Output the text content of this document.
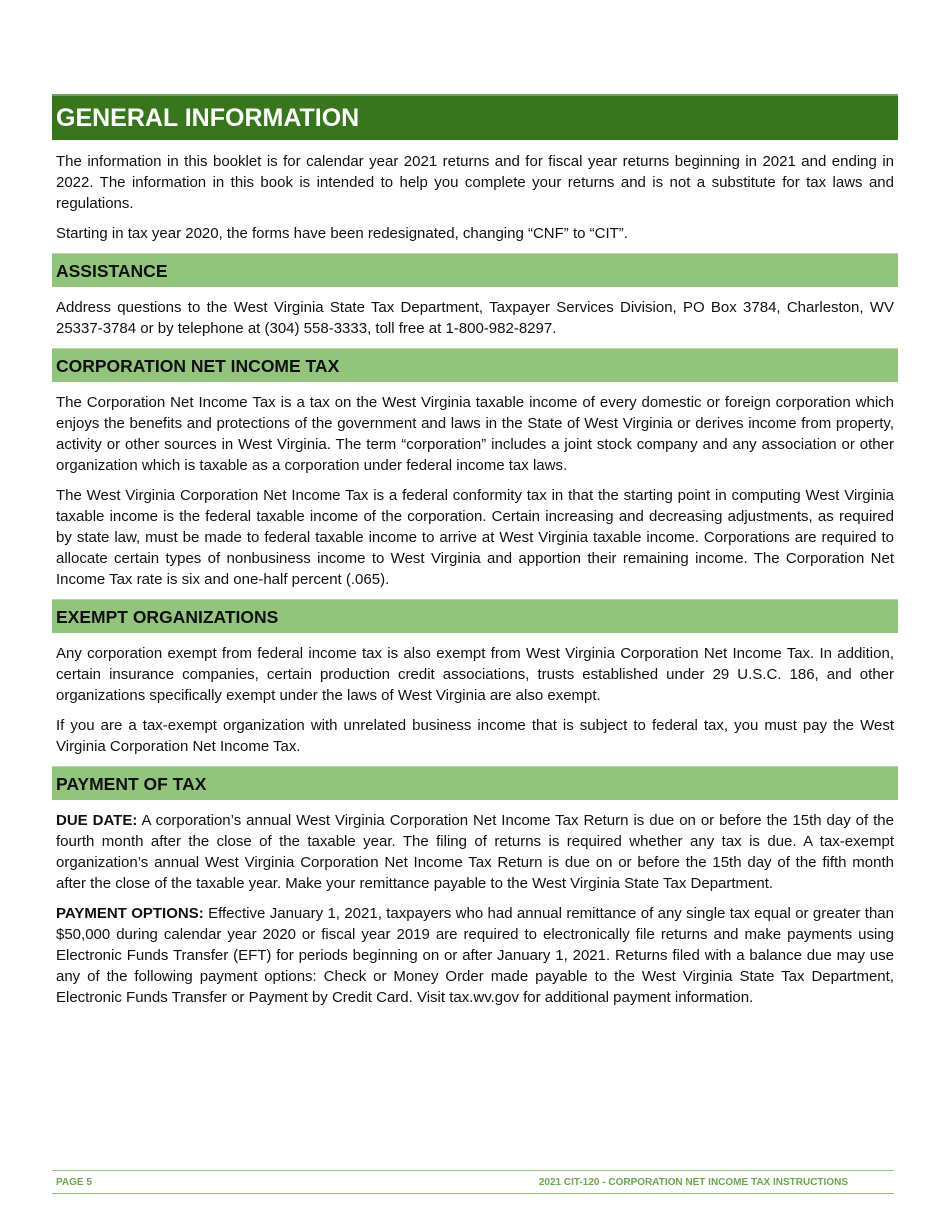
GENERAL INFORMATION

The information in this booklet is for calendar year 2021 returns and for fiscal year returns beginning in 2021 and ending in 2022. The information in this book is intended to help you complete your returns and is not a substitute for tax laws and regulations.

Starting in tax year 2020, the forms have been redesignated, changing “CNF” to “CIT”.

ASSISTANCE

Address questions to the West Virginia State Tax Department, Taxpayer Services Division, PO Box 3784, Charleston, WV 25337-3784 or by telephone at (304) 558-3333, toll free at 1-800-982-8297.

CORPORATION NET INCOME TAX

The Corporation Net Income Tax is a tax on the West Virginia taxable income of every domestic or foreign corporation which enjoys the benefits and protections of the government and laws in the State of West Virginia or derives income from property, activity or other sources in West Virginia. The term “corporation” includes a joint stock company and any association or other organization which is taxable as a corporation under federal income tax laws.

The West Virginia Corporation Net Income Tax is a federal conformity tax in that the starting point in computing West Virginia taxable income is the federal taxable income of the corporation. Certain increasing and decreasing adjustments, as required by state law, must be made to federal taxable income to arrive at West Virginia taxable income. Corporations are required to allocate certain types of nonbusiness income to West Virginia and apportion their remaining income. The Corporation Net Income Tax rate is six and one-half percent (.065).

EXEMPT ORGANIZATIONS

Any corporation exempt from federal income tax is also exempt from West Virginia Corporation Net Income Tax. In addition, certain insurance companies, certain production credit associations, trusts established under 29 U.S.C. 186, and other organizations specifically exempt under the laws of West Virginia are also exempt.

If you are a tax-exempt organization with unrelated business income that is subject to federal tax, you must pay the West Virginia Corporation Net Income Tax.

PAYMENT OF TAX

DUE DATE: A corporation’s annual West Virginia Corporation Net Income Tax Return is due on or before the 15th day of the fourth month after the close of the taxable year. The filing of returns is required whether any tax is due. A tax-exempt organization’s annual West Virginia Corporation Net Income Tax Return is due on or before the 15th day of the fifth month after the close of the taxable year. Make your remittance payable to the West Virginia State Tax Department.

PAYMENT OPTIONS: Effective January 1, 2021, taxpayers who had annual remittance of any single tax equal or greater than $50,000 during calendar year 2020 or fiscal year 2019 are required to electronically file returns and make payments using Electronic Funds Transfer (EFT) for periods beginning on or after January 1, 2021. Returns filed with a balance due may use any of the following payment options: Check or Money Order made payable to the West Virginia State Tax Department, Electronic Funds Transfer or Payment by Credit Card. Visit tax.wv.gov for additional payment information.

PAGE 5	2021 CIT-120 - CORPORATION NET INCOME TAX INSTRUCTIONS
